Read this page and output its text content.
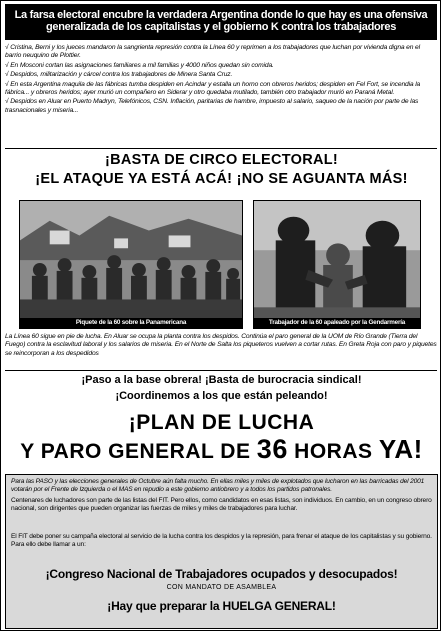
La farsa electoral encubre la verdadera Argentina donde lo que hay es una ofensiva
generalizada de los capitalistas y el gobierno K contra los trabajadores

√ Cristina, Berni y los jueces mandaron la sangrienta represión contra la Línea 60 y reprimen a los trabajadores que luchan por vivienda digna en el barrio neuquino de Plottier.

√ En Mosconi cortan las asignaciones familiares a mil familias y 4000 niños quedan sin comida.

√ Despidos, militarización y cárcel contra los trabajadores de Minera Santa Cruz.

√ En esta Argentina maquila de las fábricas tumba despiden en Acindar y estalla un horno con obreros heridos; despiden en Fel Fort, se incendia la fábrica... y obreros heridos; ayer murió un compañero en Siderar y otro quedaba mutilado, también otro trabajador murió en Paraná Metal.

√ Despidos en Aluar en Puerto Madryn, Telefónicos, CSN. Inflación, paritarias de hambre, impuesto al salario, saqueo de la nación por parte de las trasnacionales y miseria...

¡BASTA DE CIRCO ELECTORAL!
¡EL ATAQUE YA ESTÁ ACÁ! ¡NO SE AGUANTA MÁS!
Piquete de la 60 sobre la Panamericana	Trabajador de la 60 apaleado por la Gendarmería
La Línea 60 sigue en pie de lucha. En Aluar se ocupa la planta contra los despidos. Continúa el paro general de la UOM de Río Grande (Tierra del Fuego) contra la esclavitud laboral y los salarios de miseria. En el Norte de Salta los piqueteros vuelven a cortar rutas. En Greta Roja con paro y piquetes se reincorporan a los despedidos
¡Paso a la base obrera! ¡Basta de burocracia sindical!
¡Coordinemos a los que están peleando!
¡PLAN DE LUCHA
Y PARO GENERAL DE 36 HORAS YA!

Para las PASO y las elecciones generales de Octubre aún falta mucho. En ellas miles y miles de explotados que lucharon en las barricadas del 2001 votarán por el Frente de Izquierda o el MAS en repudio a este gobierno antiobrero y a todos los partidos patronales.

Centenares de luchadores son parte de las listas del FIT. Pero ellos, como candidatos en esas listas, son individuos. En cambio, en un congreso obrero nacional, son dirigentes que pueden organizar las fuerzas de miles y miles de trabajadores para luchar.

El FIT debe poner su campaña electoral al servicio de la lucha contra los despidos y la represión, para frenar el ataque de los capitalistas y su gobierno. Para ello debe llamar a un:

¡Congreso Nacional de Trabajadores ocupados y desocupados!
CON MANDATO DE ASAMBLEA
¡Hay que preparar la HUELGA GENERAL!
